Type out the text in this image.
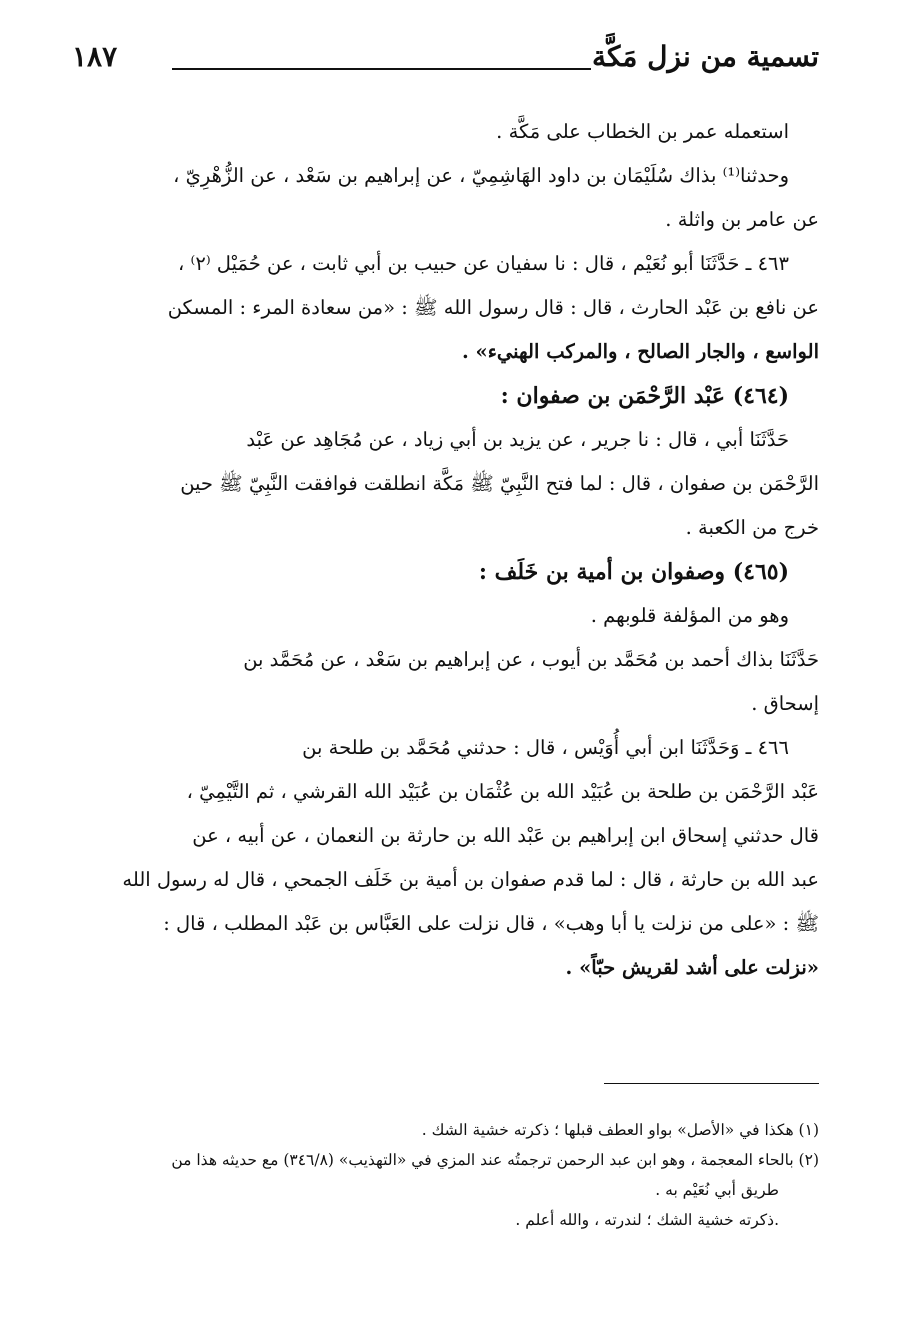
تسمية من نزل مَكَّة
١٨٧
استعمله عمر بن الخطاب على مَكَّة .
وحدثنا⁽¹⁾ بذاك سُلَيْمَان بن داود الهَاشِمِيّ ، عن إبراهيم بن سَعْد ، عن الزُّهْرِيّ ،
عن عامر بن واثلة .
٤٦٣ ـ حَدَّثَنَا أبو نُعَيْم ، قال : نا سفيان عن حبيب بن أبي ثابت ، عن حُمَيْل ⁽٢⁾ ،
عن نافع بن عَبْد الحارث ، قال : قال رسول الله ﷺ : «من سعادة المرء : المسكن
الواسع ، والجار الصالح ، والمركب الهنيء» .
(٤٦٤) عَبْد الرَّحْمَن بن صفوان :
حَدَّثَنَا أبي ، قال : نا جرير ، عن يزيد بن أبي زياد ، عن مُجَاهِد عن عَبْد
الرَّحْمَن بن صفوان ، قال : لما فتح النَّبِيّ ﷺ مَكَّة انطلقت فوافقت النَّبِيّ ﷺ حين
خرج من الكعبة .
(٤٦٥) وصفوان بن أمية بن خَلَف :
وهو من المؤلفة قلوبهم .
حَدَّثَنَا بذاك أحمد بن مُحَمَّد بن أيوب ، عن إبراهيم بن سَعْد ، عن مُحَمَّد بن
إسحاق .
٤٦٦ ـ وَحَدَّثَنَا ابن أبي أُوَيْس ، قال : حدثني مُحَمَّد بن طلحة بن
عَبْد الرَّحْمَن بن طلحة بن عُبَيْد الله بن عُثْمَان بن عُبَيْد الله القرشي ، ثم التَّيْمِيّ ،
قال حدثني إسحاق ابن إبراهيم بن عَبْد الله بن حارثة بن النعمان ، عن أبيه ، عن
عبد الله بن حارثة ، قال : لما قدم صفوان بن أمية بن خَلَف الجمحي ، قال له رسول الله
ﷺ : «على من نزلت يا أبا وهب» ، قال نزلت على العَبَّاس بن عَبْد المطلب ، قال :
«نزلت على أشد لقريش حبّاً» .
(١) هكذا في «الأصل» بواو العطف قبلها ؛ ذكرته خشية الشك .
(٢) بالحاء المعجمة ، وهو ابن عبد الرحمن ترجمتُه عند المزي في «التهذيب» (٣٤٦/٨) مع حديثه هذا من
طريق أبي نُعَيْم به .
.ذكرته خشية الشك ؛ لندرته ، والله أعلم .
